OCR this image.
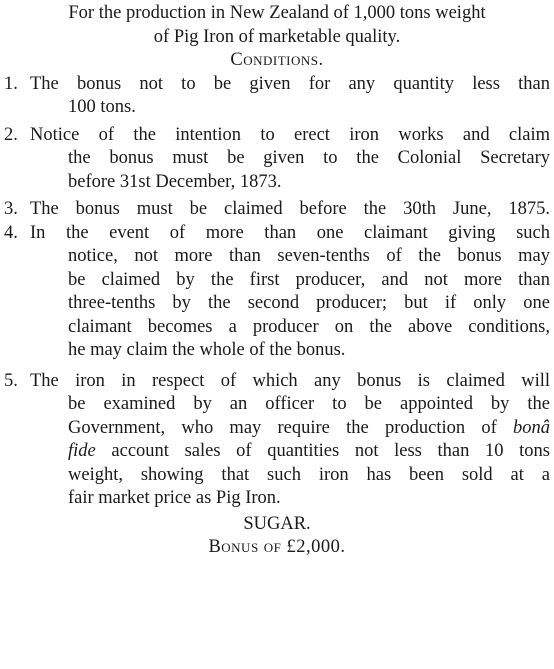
For the production in New Zealand of 1,000 tons weight
of Pig Iron of marketable quality.
Conditions.
1. The bonus not to be given for any quantity less than
100 tons.
2. Notice of the intention to erect iron works and claim
the bonus must be given to the Colonial Secretary
before 31st December, 1873.
3. The bonus must be claimed before the 30th June, 1875.
4. In the event of more than one claimant giving such
notice, not more than seven-tenths of the bonus may
be claimed by the first producer, and not more than
three-tenths by the second producer; but if only one
claimant becomes a producer on the above conditions,
he may claim the whole of the bonus.
5. The iron in respect of which any bonus is claimed will
be examined by an officer to be appointed by the
Government, who may require the production of bonâ
fide account sales of quantities not less than 10 tons
weight, showing that such iron has been sold at a
fair market price as Pig Iron.
SUGAR.
Bonus of £2,000.
